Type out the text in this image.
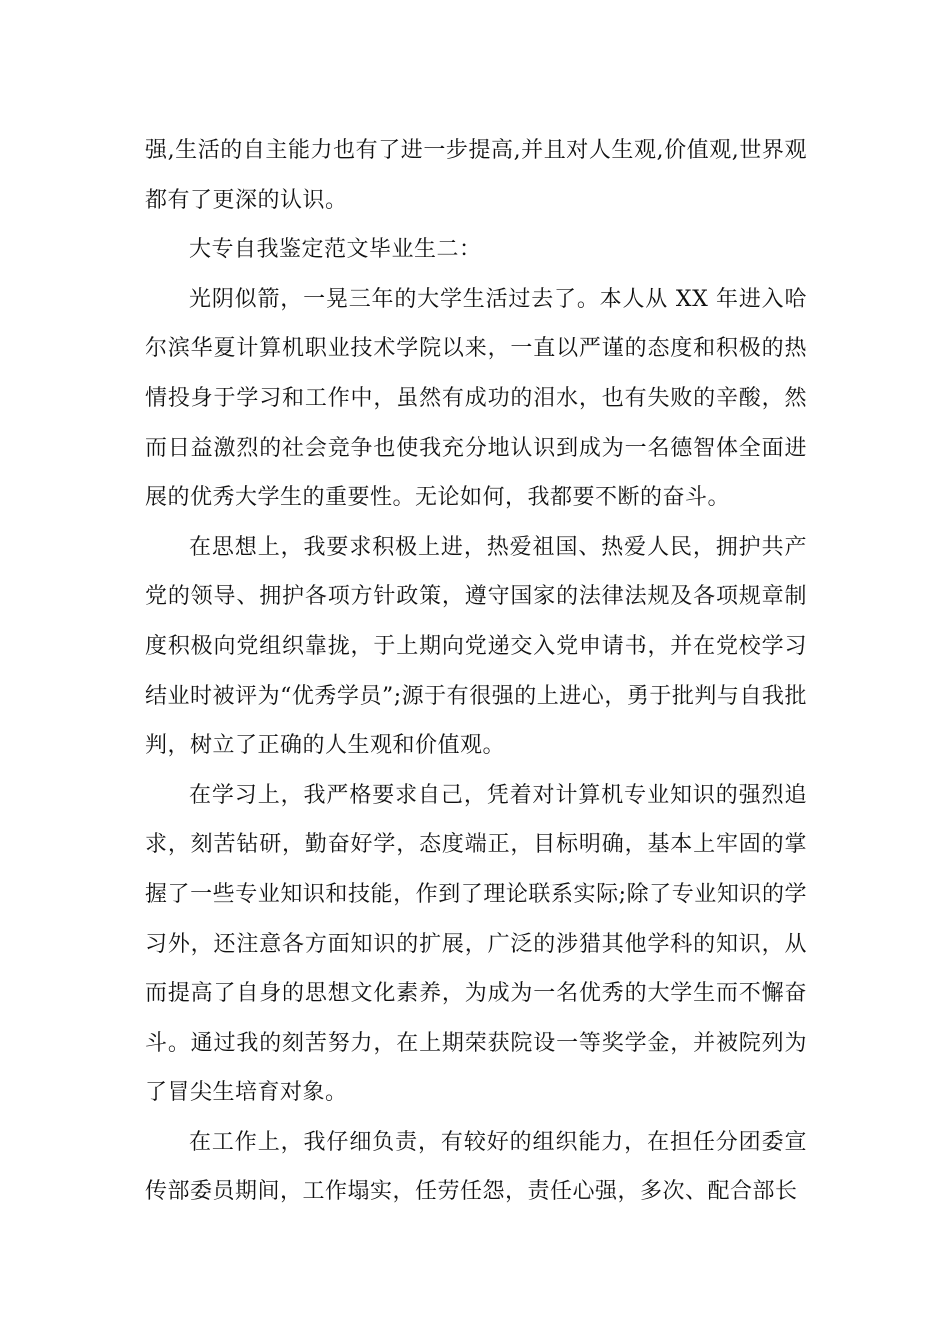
强,生活的自主能力也有了进一步提高,并且对人生观,价值观,世界观都有了更深的认识。

大专自我鉴定范文毕业生二：

光阴似箭，一晃三年的大学生活过去了。本人从 XX 年进入哈尔滨华夏计算机职业技术学院以来，一直以严谨的态度和积极的热情投身于学习和工作中，虽然有成功的泪水，也有失败的辛酸，然而日益激烈的社会竞争也使我充分地认识到成为一名德智体全面进展的优秀大学生的重要性。无论如何，我都要不断的奋斗。

在思想上，我要求积极上进，热爱祖国、热爱人民，拥护共产党的领导、拥护各项方针政策，遵守国家的法律法规及各项规章制度积极向党组织靠拢，于上期向党递交入党申请书，并在党校学习结业时被评为“优秀学员”;源于有很强的上进心，勇于批判与自我批判，树立了正确的人生观和价值观。

在学习上，我严格要求自己，凭着对计算机专业知识的强烈追求，刻苦钻研，勤奋好学，态度端正，目标明确，基本上牢固的掌握了一些专业知识和技能，作到了理论联系实际;除了专业知识的学习外，还注意各方面知识的扩展，广泛的涉猎其他学科的知识，从而提高了自身的思想文化素养，为成为一名优秀的大学生而不懈奋斗。通过我的刻苦努力，在上期荣获院设一等奖学金，并被院列为了冒尖生培育对象。

在工作上，我仔细负责，有较好的组织能力，在担任分团委宣传部委员期间，工作塌实，任劳任怨，责任心强，多次、配合部长
